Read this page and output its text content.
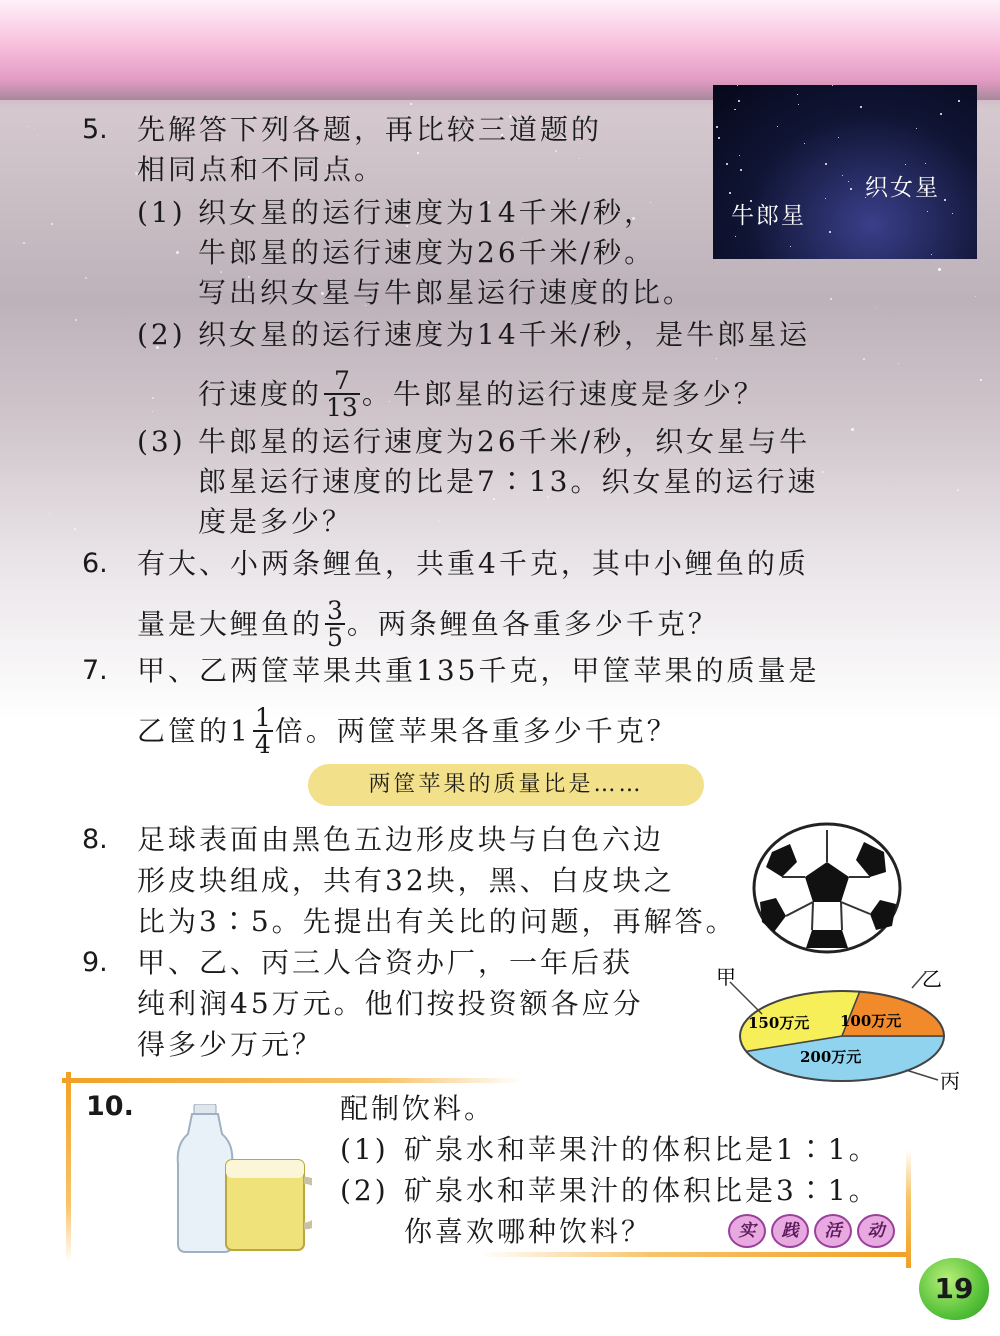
5. 先解答下列各题，再比较三道题的
相同点和不同点。
(1) 织女星的运行速度为14千米/秒，
牛郎星的运行速度为26千米/秒。
写出织女星与牛郎星运行速度的比。
(2) 织女星的运行速度为14千米/秒，是牛郎星运
行速度的 $\frac{7}{13}$ 。牛郎星的运行速度是多少？
(3) 牛郎星的运行速度为26千米/秒，织女星与牛
郎星运行速度的比是7∶13。织女星的运行速
度是多少？
织女星
牛郎星
6. 有大、小两条鲤鱼，共重4千克，其中小鲤鱼的质
量是大鲤鱼的 $\frac{3}{5}$ 。两条鲤鱼各重多少千克？
7. 甲、乙两筐苹果共重135千克，甲筐苹果的质量是
乙筐的$1 \frac{1}{4}$ 倍。两筐苹果各重多少千克？
两筐苹果的质量比是……
8. 足球表面由黑色五边形皮块与白色六边
形皮块组成，共有32块，黑、白皮块之
比为3∶5。先提出有关比的问题，再解答。
9. 甲、乙、丙三人合资办厂，一年后获
纯利润45万元。他们按投资额各应分
得多少万元？
甲	乙
丙
150万元 100万元
200万元
10.	配制饮料。
(1) 矿泉水和苹果汁的体积比是1∶1。
(2) 矿泉水和苹果汁的体积比是3∶1。
你喜欢哪种饮料？	实 践 活 动
19
